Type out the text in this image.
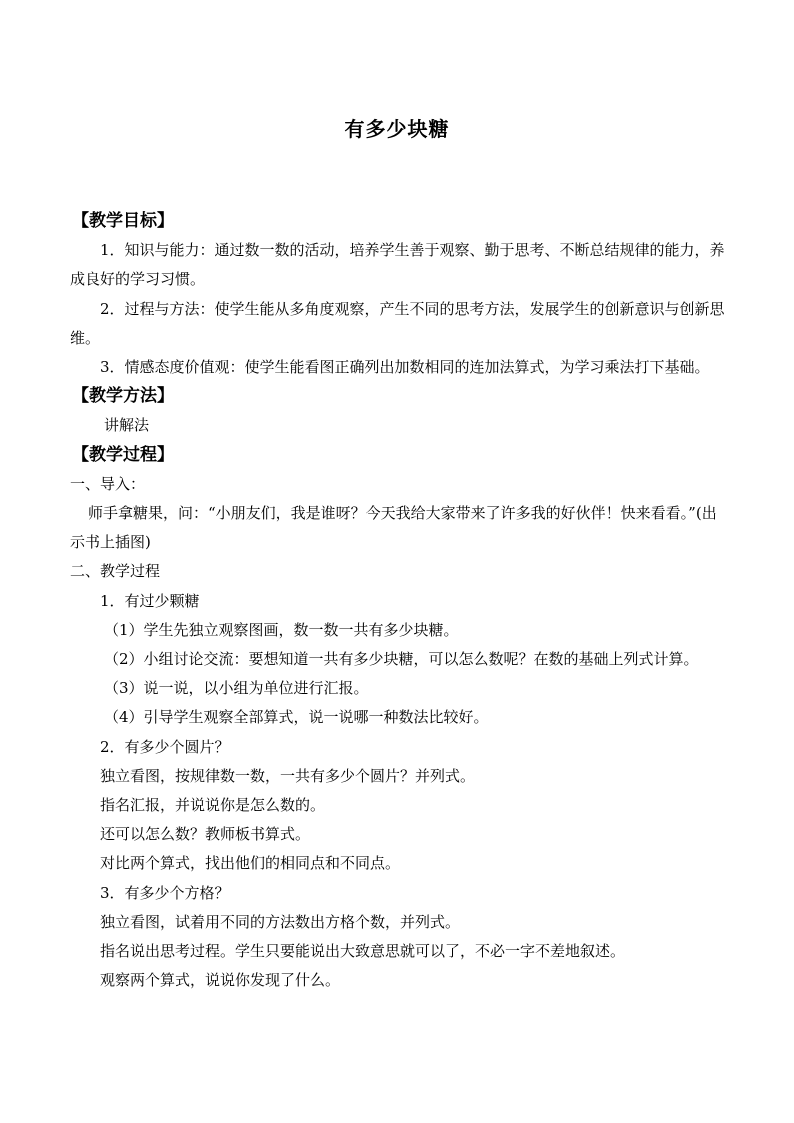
有多少块糖
【教学目标】

1．知识与能力：通过数一数的活动，培养学生善于观察、勤于思考、不断总结规律的能力，养成良好的学习习惯。

2．过程与方法：使学生能从多角度观察，产生不同的思考方法，发展学生的创新意识与创新思维。

3．情感态度价值观：使学生能看图正确列出加数相同的连加法算式，为学习乘法打下基础。

【教学方法】

讲解法

【教学过程】

一、导入：

师手拿糖果，问：“小朋友们，我是谁呀？今天我给大家带来了许多我的好伙伴！快来看看。”(出示书上插图)

二、教学过程

1．有过少颗糖

（1）学生先独立观察图画，数一数一共有多少块糖。

（2）小组讨论交流：要想知道一共有多少块糖，可以怎么数呢？在数的基础上列式计算。

（3）说一说，以小组为单位进行汇报。

（4）引导学生观察全部算式，说一说哪一种数法比较好。

2．有多少个圆片？

独立看图，按规律数一数，一共有多少个圆片？并列式。

指名汇报，并说说你是怎么数的。

还可以怎么数？教师板书算式。

对比两个算式，找出他们的相同点和不同点。

3．有多少个方格？

独立看图，试着用不同的方法数出方格个数，并列式。

指名说出思考过程。学生只要能说出大致意思就可以了，不必一字不差地叙述。

观察两个算式，说说你发现了什么。
